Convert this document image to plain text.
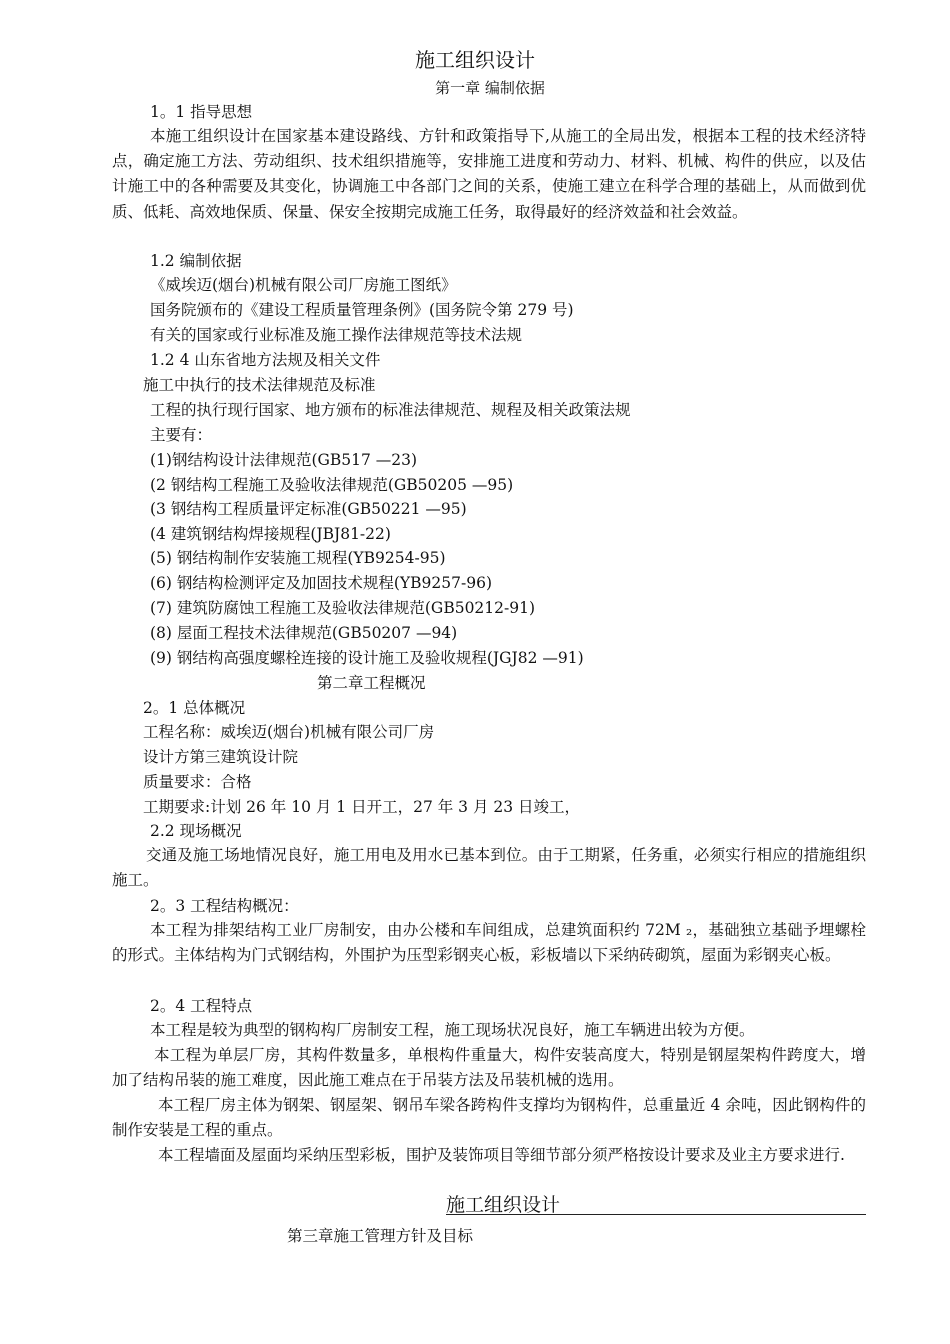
施工组织设计
第一章 编制依据
1。1 指导思想
本施工组织设计在国家基本建设路线、方针和政策指导下,从施工的全局出发，根据本工程的技术经济特点，确定施工方法、劳动组织、技术组织措施等，安排施工进度和劳动力、材料、机械、构件的供应，以及估计施工中的各种需要及其变化，协调施工中各部门之间的关系，使施工建立在科学合理的基础上，从而做到优质、低耗、高效地保质、保量、保安全按期完成施工任务，取得最好的经济效益和社会效益。
1.2 编制依据
《威埃迈(烟台)机械有限公司厂房施工图纸》
国务院颁布的《建设工程质量管理条例》(国务院令第 279 号)
有关的国家或行业标准及施工操作法律规范等技术法规
1.2 4 山东省地方法规及相关文件
施工中执行的技术法律规范及标准
工程的执行现行国家、地方颁布的标准法律规范、规程及相关政策法规
主要有：
(1)钢结构设计法律规范(GB517 —23)
(2 钢结构工程施工及验收法律规范(GB50205 —95)
(3 钢结构工程质量评定标准(GB50221 —95)
(4 建筑钢结构焊接规程(JBJ81-22)
(5) 钢结构制作安装施工规程(YB9254-95)
(6) 钢结构检测评定及加固技术规程(YB9257-96)
(7) 建筑防腐蚀工程施工及验收法律规范(GB50212-91)
(8) 屋面工程技术法律规范(GB50207 —94)
(9) 钢结构高强度螺栓连接的设计施工及验收规程(JGJ82 —91)
第二章工程概况
2。1 总体概况
工程名称：威埃迈(烟台)机械有限公司厂房
设计方第三建筑设计院
质量要求：合格
工期要求:计划 26 年 10 月 1 日开工，27 年 3 月 23 日竣工，
2.2 现场概况
交通及施工场地情况良好，施工用电及用水已基本到位。由于工期紧，任务重，必须实行相应的措施组织施工。
2。3 工程结构概况：
本工程为排架结构工业厂房制安，由办公楼和车间组成，总建筑面积约 72M ₂，基础独立基础予埋螺栓的形式。主体结构为门式钢结构，外围护为压型彩钢夹心板，彩板墙以下采纳砖砌筑，屋面为彩钢夹心板。
2。4 工程特点
本工程是较为典型的钢构构厂房制安工程，施工现场状况良好，施工车辆进出较为方便。
本工程为单层厂房，其构件数量多，单根构件重量大，构件安装高度大，特别是钢屋架构件跨度大，增加了结构吊装的施工难度，因此施工难点在于吊装方法及吊装机械的选用。
本工程厂房主体为钢架、钢屋架、钢吊车梁各跨构件支撑均为钢构件，总重量近 4 余吨，因此钢构件的制作安装是工程的重点。
本工程墙面及屋面均采纳压型彩板，围护及装饰项目等细节部分须严格按设计要求及业主方要求进行.
施工组织设计
第三章施工管理方针及目标
